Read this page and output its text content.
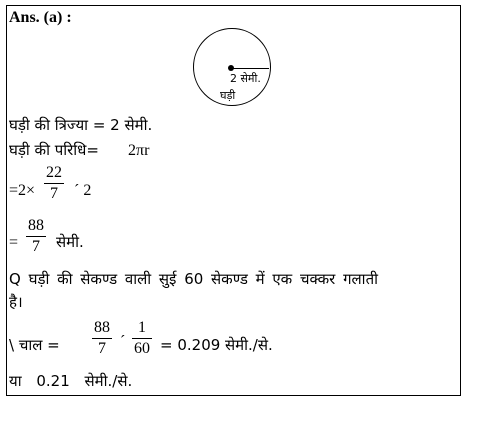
Ans. (a) :
2 सेमी.
घड़ी
घड़ी की त्रिज्या = 2 सेमी.
घड़ी की परिधि= 2πr
=2×
22
7 ´ 2
=
88
7 सेमी.
Q घड़ी की सेकण्ड वाली सुई 60 सेकण्ड में एक चक्कर गलाती
है।
\ चाल =
88
7 ´
1
60 = 0.209 सेमी./से.
या 0.21 सेमी./से.
